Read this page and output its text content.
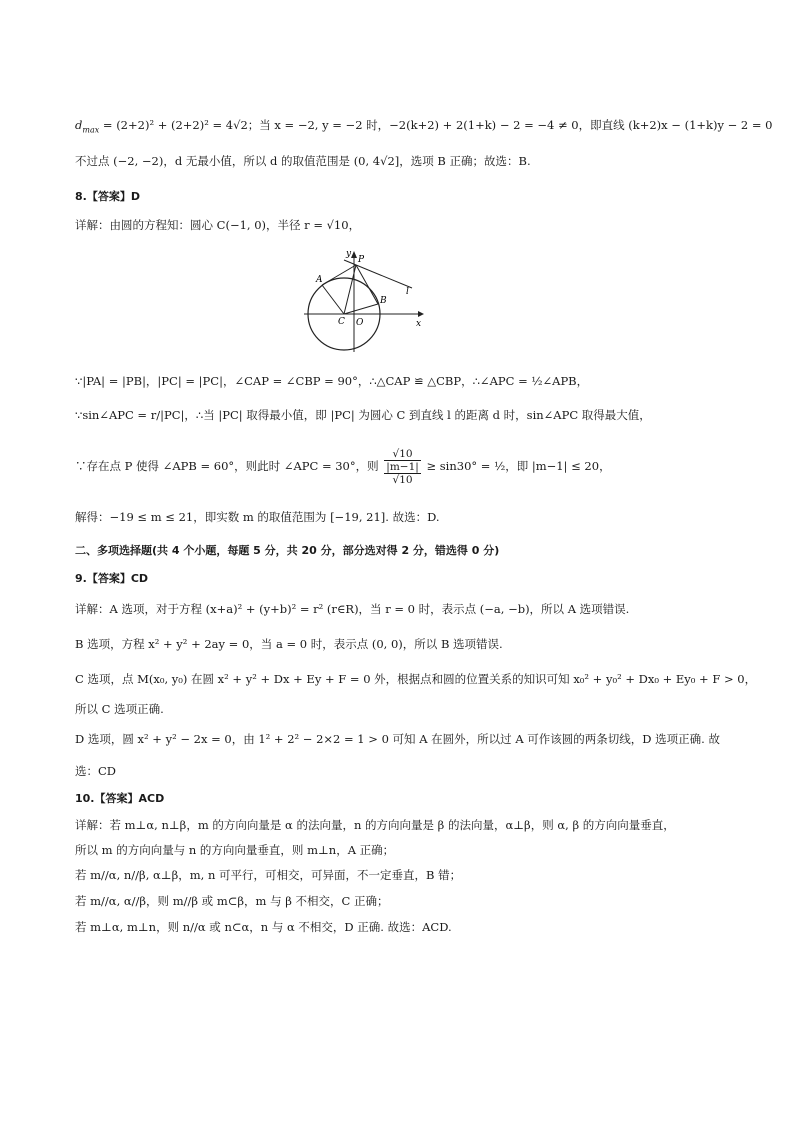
$d_{max} = (2+2)^2 + (2+2)^2 = 4√2$；当 x = −2, y = −2 时，−2(k+2) + 2(1+k) − 2 = −4 ≠ 0，即直线 (k+2)x − (1+k)y − 2 = 0
不过点 (−2, −2)，d 无最小值，所以 d 的取值范围是 (0, 4√2]，选项 B 正确；故选：B.
8.【答案】D
详解：由圆的方程知：圆心 C(−1, 0)，半径 r = √10，
A
y
P
l
B
C O	x
∵|PA| = |PB|，|PC| = |PC|，∠CAP = ∠CBP = 90°，∴△CAP ≌ △CBP，∴∠APC = ½∠APB，
∵sin∠APC = r/|PC|，∴当 |PC| 取得最小值，即 |PC| 为圆心 C 到直线 l 的距离 d 时，sin∠APC 取得最大值，
∵存在点 P 使得 ∠APB = 60°，则此时 ∠APC = 30°，则
√10
|m−1|
√10
≥ sin30° = ½，即 |m−1| ≤ 20，
解得：−19 ≤ m ≤ 21，即实数 m 的取值范围为 [−19, 21]. 故选：D.
二、多项选择题(共 4 个小题，每题 5 分，共 20 分，部分选对得 2 分，错选得 0 分)
9.【答案】CD
详解：A 选项，对于方程 (x+a)² + (y+b)² = r² (r∈R)，当 r = 0 时，表示点 (−a, −b)，所以 A 选项错误.
B 选项，方程 x² + y² + 2ay = 0，当 a = 0 时，表示点 (0, 0)，所以 B 选项错误.
C 选项，点 M(x₀, y₀) 在圆 x² + y² + Dx + Ey + F = 0 外，根据点和圆的位置关系的知识可知 x₀² + y₀² + Dx₀ + Ey₀ + F > 0，
所以 C 选项正确.
D 选项，圆 x² + y² − 2x = 0，由 1² + 2² − 2×2 = 1 > 0 可知 A 在圆外，所以过 A 可作该圆的两条切线，D 选项正确. 故
选：CD
10.【答案】ACD
详解：若 m⊥α, n⊥β，m 的方向向量是 α 的法向量，n 的方向向量是 β 的法向量，α⊥β，则 α, β 的方向向量垂直，
所以 m 的方向向量与 n 的方向向量垂直，则 m⊥n，A 正确；
若 m//α, n//β, α⊥β，m, n 可平行，可相交，可异面，不一定垂直，B 错；
若 m//α, α//β，则 m//β 或 m⊂β，m 与 β 不相交，C 正确；
若 m⊥α, m⊥n，则 n//α 或 n⊂α，n 与 α 不相交，D 正确. 故选：ACD.
